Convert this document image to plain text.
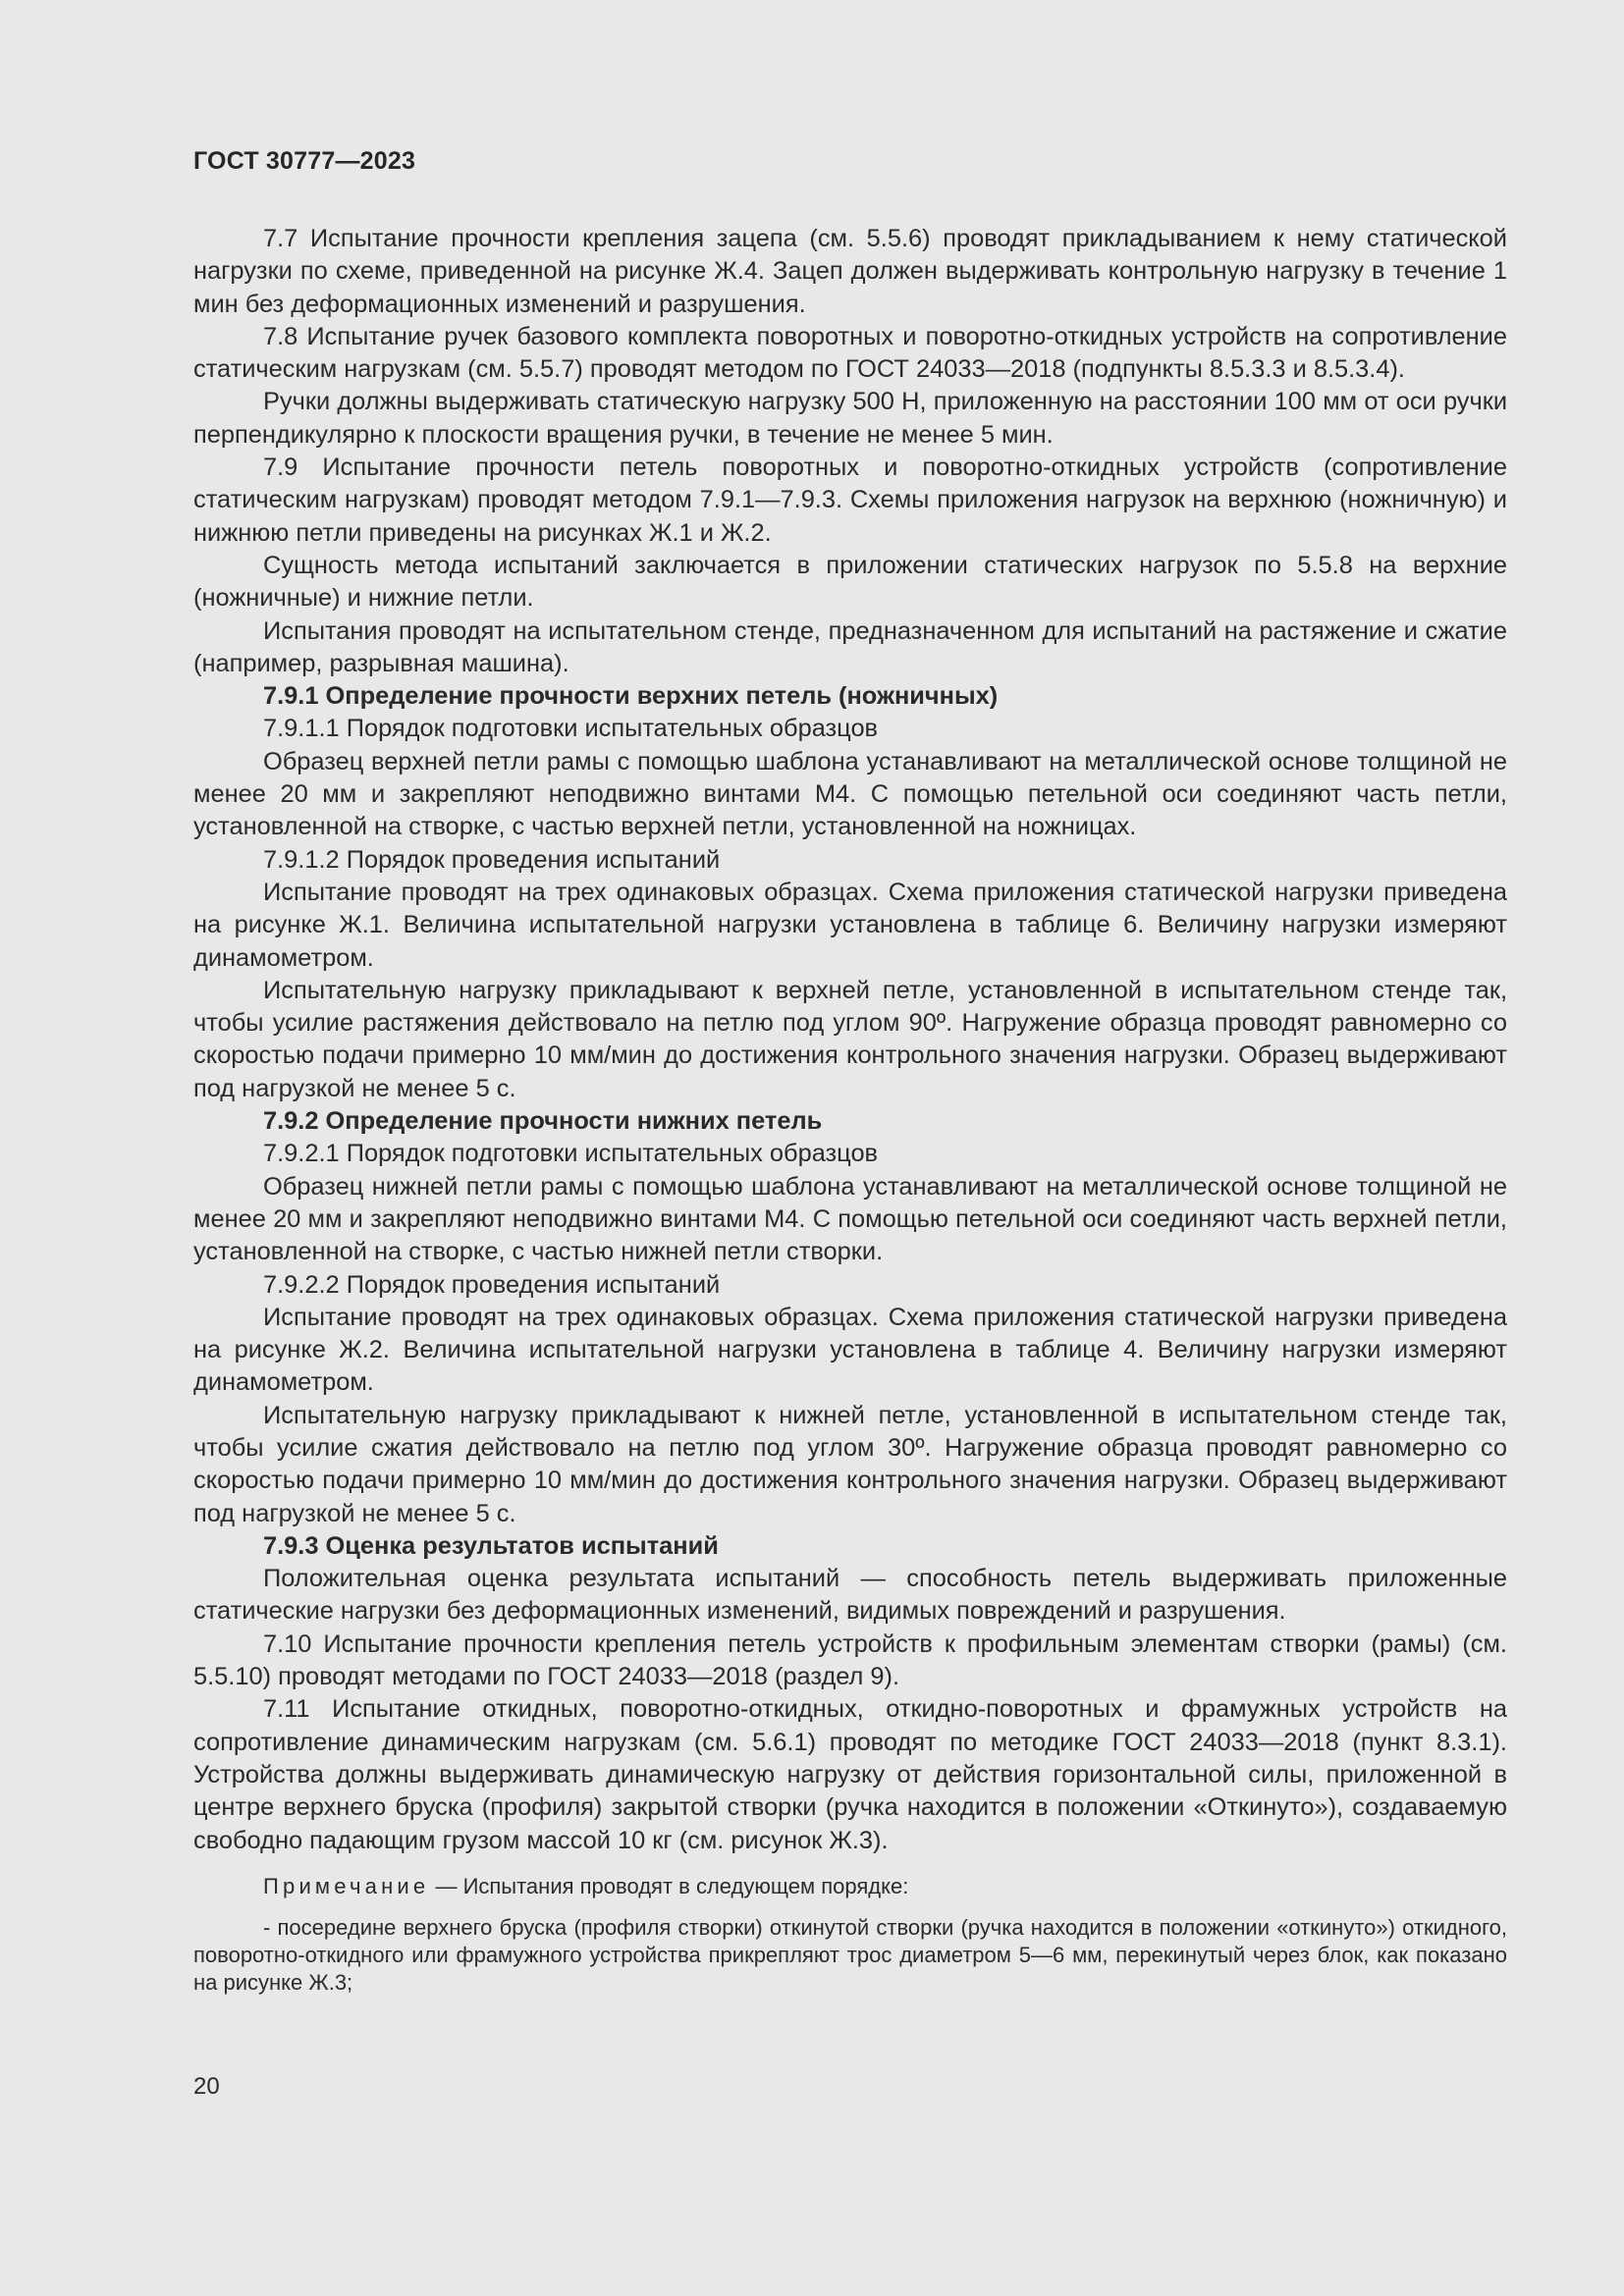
ГОСТ 30777—2023

7.7 Испытание прочности крепления зацепа (см. 5.5.6) проводят прикладыванием к нему статической нагрузки по схеме, приведенной на рисунке Ж.4. Зацеп должен выдерживать контрольную нагрузку в течение 1 мин без деформационных изменений и разрушения.

7.8 Испытание ручек базового комплекта поворотных и поворотно-откидных устройств на сопротивление статическим нагрузкам (см. 5.5.7) проводят методом по ГОСТ 24033—2018 (подпункты 8.5.3.3 и 8.5.3.4).

Ручки должны выдерживать статическую нагрузку 500 Н, приложенную на расстоянии 100 мм от оси ручки перпендикулярно к плоскости вращения ручки, в течение не менее 5 мин.

7.9 Испытание прочности петель поворотных и поворотно-откидных устройств (сопротивление статическим нагрузкам) проводят методом 7.9.1—7.9.3. Схемы приложения нагрузок на верхнюю (ножничную) и нижнюю петли приведены на рисунках Ж.1 и Ж.2.

Сущность метода испытаний заключается в приложении статических нагрузок по 5.5.8 на верхние (ножничные) и нижние петли.

Испытания проводят на испытательном стенде, предназначенном для испытаний на растяжение и сжатие (например, разрывная машина).

7.9.1 Определение прочности верхних петель (ножничных)

7.9.1.1 Порядок подготовки испытательных образцов

Образец верхней петли рамы с помощью шаблона устанавливают на металлической основе толщиной не менее 20 мм и закрепляют неподвижно винтами М4. С помощью петельной оси соединяют часть петли, установленной на створке, с частью верхней петли, установленной на ножницах.

7.9.1.2 Порядок проведения испытаний

Испытание проводят на трех одинаковых образцах. Схема приложения статической нагрузки приведена на рисунке Ж.1. Величина испытательной нагрузки установлена в таблице 6. Величину нагрузки измеряют динамометром.

Испытательную нагрузку прикладывают к верхней петле, установленной в испытательном стенде так, чтобы усилие растяжения действовало на петлю под углом 90º. Нагружение образца проводят равномерно со скоростью подачи примерно 10 мм/мин до достижения контрольного значения нагрузки. Образец выдерживают под нагрузкой не менее 5 с.

7.9.2 Определение прочности нижних петель

7.9.2.1 Порядок подготовки испытательных образцов

Образец нижней петли рамы с помощью шаблона устанавливают на металлической основе толщиной не менее 20 мм и закрепляют неподвижно винтами М4. С помощью петельной оси соединяют часть верхней петли, установленной на створке, с частью нижней петли створки.

7.9.2.2 Порядок проведения испытаний

Испытание проводят на трех одинаковых образцах. Схема приложения статической нагрузки приведена на рисунке Ж.2. Величина испытательной нагрузки установлена в таблице 4. Величину нагрузки измеряют динамометром.

Испытательную нагрузку прикладывают к нижней петле, установленной в испытательном стенде так, чтобы усилие сжатия действовало на петлю под углом 30º. Нагружение образца проводят равномерно со скоростью подачи примерно 10 мм/мин до достижения контрольного значения нагрузки. Образец выдерживают под нагрузкой не менее 5 с.

7.9.3 Оценка результатов испытаний

Положительная оценка результата испытаний — способность петель выдерживать приложенные статические нагрузки без деформационных изменений, видимых повреждений и разрушения.

7.10 Испытание прочности крепления петель устройств к профильным элементам створки (рамы) (см. 5.5.10) проводят методами по ГОСТ 24033—2018 (раздел 9).

7.11 Испытание откидных, поворотно-откидных, откидно-поворотных и фрамужных устройств на сопротивление динамическим нагрузкам (см. 5.6.1) проводят по методике ГОСТ 24033—2018 (пункт 8.3.1). Устройства должны выдерживать динамическую нагрузку от действия горизонтальной силы, приложенной в центре верхнего бруска (профиля) закрытой створки (ручка находится в положении «Откинуто»), создаваемую свободно падающим грузом массой 10 кг (см. рисунок Ж.3).

Примечание — Испытания проводят в следующем порядке:

- посередине верхнего бруска (профиля створки) откинутой створки (ручка находится в положении «откинуто») откидного, поворотно-откидного или фрамужного устройства прикрепляют трос диаметром 5—6 мм, перекинутый через блок, как показано на рисунке Ж.3;

20
